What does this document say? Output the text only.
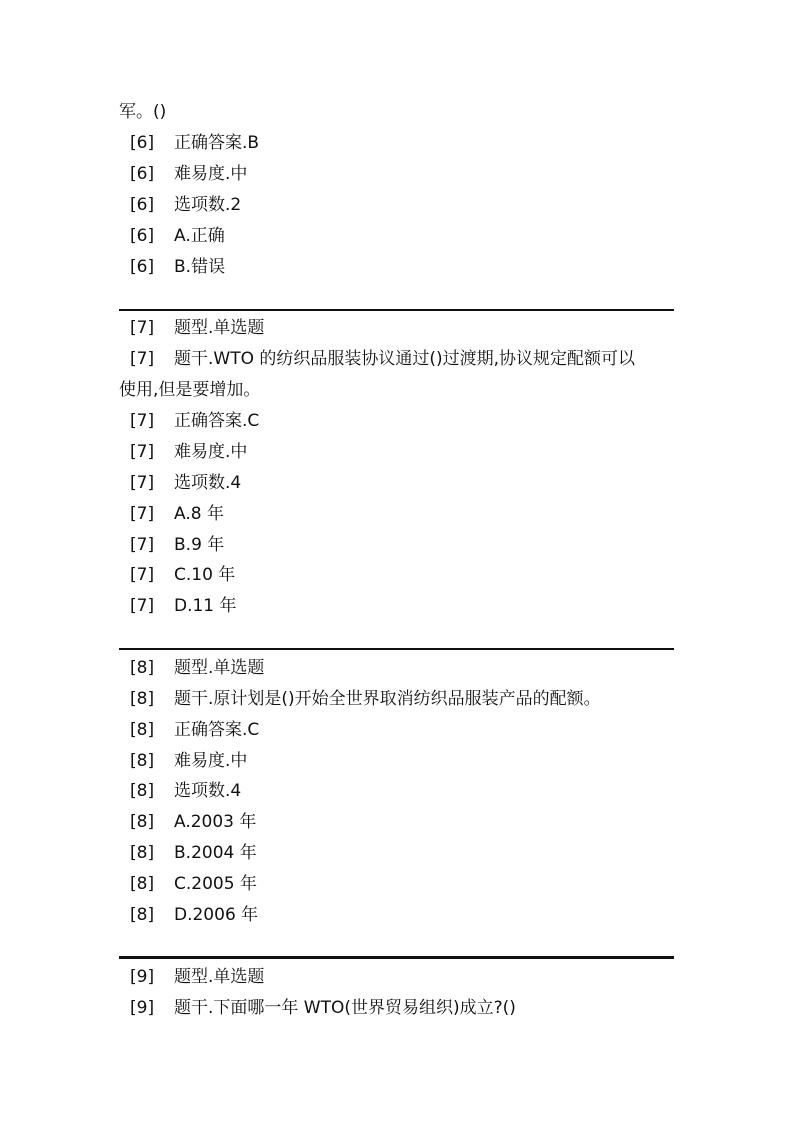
军。()
[6] 正确答案.B
[6] 难易度.中
[6] 选项数.2
[6] A.正确
[6] B.错误
[7] 题型.单选题
[7] 题干.WTO 的纺织品服装协议通过()过渡期,协议规定配额可以
使用,但是要增加。
[7] 正确答案.C
[7] 难易度.中
[7] 选项数.4
[7] A.8 年
[7] B.9 年
[7] C.10 年
[7] D.11 年
[8] 题型.单选题
[8] 题干.原计划是()开始全世界取消纺织品服装产品的配额。
[8] 正确答案.C
[8] 难易度.中
[8] 选项数.4
[8] A.2003 年
[8] B.2004 年
[8] C.2005 年
[8] D.2006 年
[9] 题型.单选题
[9] 题干.下面哪一年 WTO(世界贸易组织)成立?()
